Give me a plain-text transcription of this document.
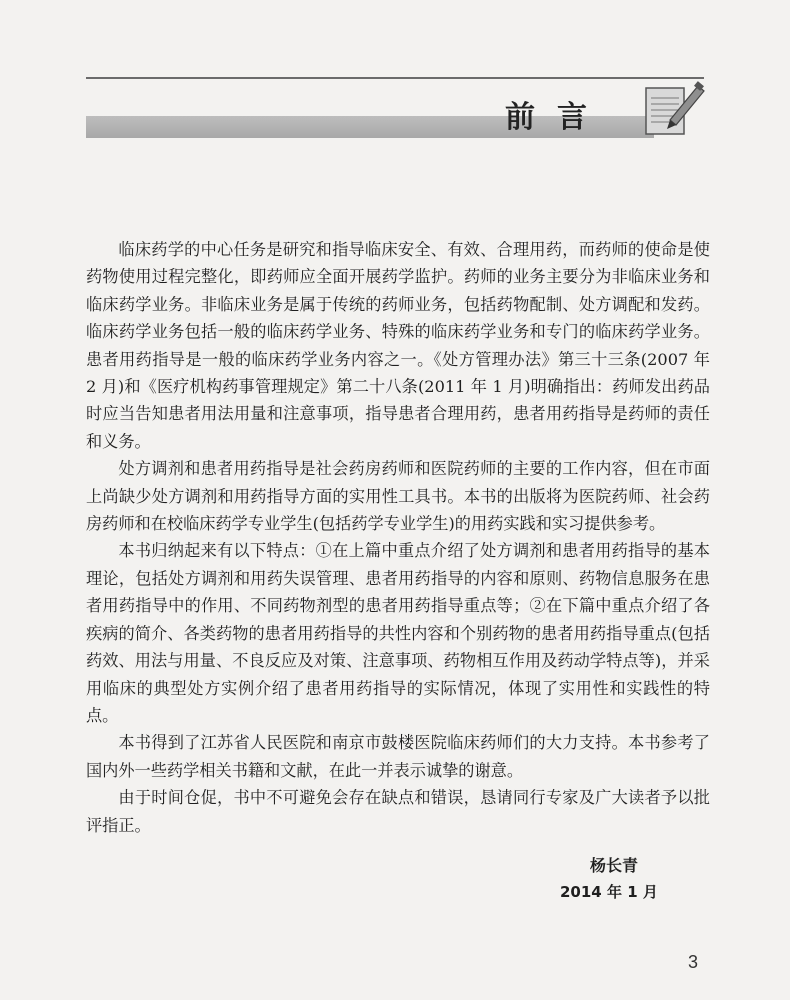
前言

临床药学的中心任务是研究和指导临床安全、有效、合理用药，而药师的使命是使药物使用过程完整化，即药师应全面开展药学监护。药师的业务主要分为非临床业务和临床药学业务。非临床业务是属于传统的药师业务，包括药物配制、处方调配和发药。临床药学业务包括一般的临床药学业务、特殊的临床药学业务和专门的临床药学业务。患者用药指导是一般的临床药学业务内容之一。《处方管理办法》第三十三条(2007 年 2 月)和《医疗机构药事管理规定》第二十八条(2011 年 1 月)明确指出：药师发出药品时应当告知患者用法用量和注意事项，指导患者合理用药，患者用药指导是药师的责任和义务。

处方调剂和患者用药指导是社会药房药师和医院药师的主要的工作内容，但在市面上尚缺少处方调剂和用药指导方面的实用性工具书。本书的出版将为医院药师、社会药房药师和在校临床药学专业学生(包括药学专业学生)的用药实践和实习提供参考。

本书归纳起来有以下特点：①在上篇中重点介绍了处方调剂和患者用药指导的基本理论，包括处方调剂和用药失误管理、患者用药指导的内容和原则、药物信息服务在患者用药指导中的作用、不同药物剂型的患者用药指导重点等；②在下篇中重点介绍了各疾病的简介、各类药物的患者用药指导的共性内容和个别药物的患者用药指导重点(包括药效、用法与用量、不良反应及对策、注意事项、药物相互作用及药动学特点等)，并采用临床的典型处方实例介绍了患者用药指导的实际情况，体现了实用性和实践性的特点。

本书得到了江苏省人民医院和南京市鼓楼医院临床药师们的大力支持。本书参考了国内外一些药学相关书籍和文献，在此一并表示诚挚的谢意。

由于时间仓促，书中不可避免会存在缺点和错误，恳请同行专家及广大读者予以批评指正。

杨长青
2014 年 1 月
3
